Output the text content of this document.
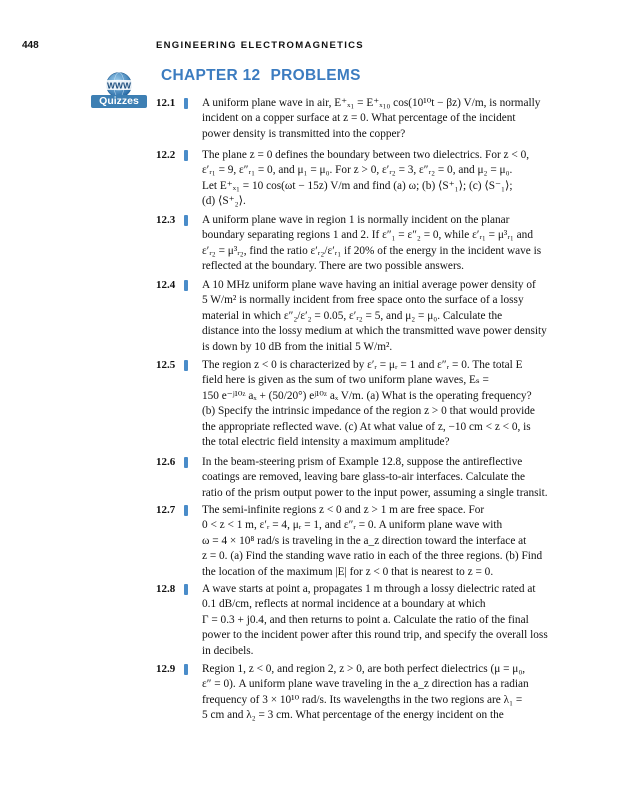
448	ENGINEERING ELECTROMAGNETICS
WWW
Quizzes
CHAPTER 12 PROBLEMS
12.1 A uniform plane wave in air, E⁺ₓ₁ = E⁺ₓ₁₀ cos(10¹⁰t − βz) V/m, is normally
incident on a copper surface at z = 0. What percentage of the incident
power density is transmitted into the copper?
12.2 The plane z = 0 defines the boundary between two dielectrics. For z < 0,
ε′ᵣ₁ = 9, ε″ᵣ₁ = 0, and μ₁ = μ₀. For z > 0, ε′ᵣ₂ = 3, ε″ᵣ₂ = 0, and μ₂ = μ₀.
Let E⁺ₓ₁ = 10 cos(ωt − 15z) V/m and find (a) ω; (b) ⟨S⁺₁⟩; (c) ⟨S⁻₁⟩;
(d) ⟨S⁺₂⟩.
12.3 A uniform plane wave in region 1 is normally incident on the planar
boundary separating regions 1 and 2. If ε″₁ = ε″₂ = 0, while ε′ᵣ₁ = μ³ᵣ₁ and
ε′ᵣ₂ = μ³ᵣ₂, find the ratio ε′ᵣ₂/ε′ᵣ₁ if 20% of the energy in the incident wave is
reflected at the boundary. There are two possible answers.
12.4 A 10 MHz uniform plane wave having an initial average power density of
5 W/m² is normally incident from free space onto the surface of a lossy
material in which ε″₂/ε′₂ = 0.05, ε′ᵣ₂ = 5, and μ₂ = μ₀. Calculate the
distance into the lossy medium at which the transmitted wave power density
is down by 10 dB from the initial 5 W/m².
12.5 The region z < 0 is characterized by ε′ᵣ = μᵣ = 1 and ε″ᵣ = 0. The total E
field here is given as the sum of two uniform plane waves, Eₛ =
150 e⁻ʲ¹⁰ᶻ aₓ + (50/20°) eʲ¹⁰ᶻ aₓ V/m. (a) What is the operating frequency?
(b) Specify the intrinsic impedance of the region z > 0 that would provide
the appropriate reflected wave. (c) At what value of z, −10 cm < z < 0, is
the total electric field intensity a maximum amplitude?
12.6 In the beam-steering prism of Example 12.8, suppose the antireflective
coatings are removed, leaving bare glass-to-air interfaces. Calculate the
ratio of the prism output power to the input power, assuming a single transit.
12.7 The semi-infinite regions z < 0 and z > 1 m are free space. For
0 < z < 1 m, ε′ᵣ = 4, μᵣ = 1, and ε″ᵣ = 0. A uniform plane wave with
ω = 4 × 10⁸ rad/s is traveling in the a_z direction toward the interface at
z = 0. (a) Find the standing wave ratio in each of the three regions. (b) Find
the location of the maximum |E| for z < 0 that is nearest to z = 0.
12.8 A wave starts at point a, propagates 1 m through a lossy dielectric rated at
0.1 dB/cm, reflects at normal incidence at a boundary at which
Γ = 0.3 + j0.4, and then returns to point a. Calculate the ratio of the final
power to the incident power after this round trip, and specify the overall loss
in decibels.
12.9 Region 1, z < 0, and region 2, z > 0, are both perfect dielectrics (μ = μ₀,
ε″ = 0). A uniform plane wave traveling in the a_z direction has a radian
frequency of 3 × 10¹⁰ rad/s. Its wavelengths in the two regions are λ₁ =
5 cm and λ₂ = 3 cm. What percentage of the energy incident on the
